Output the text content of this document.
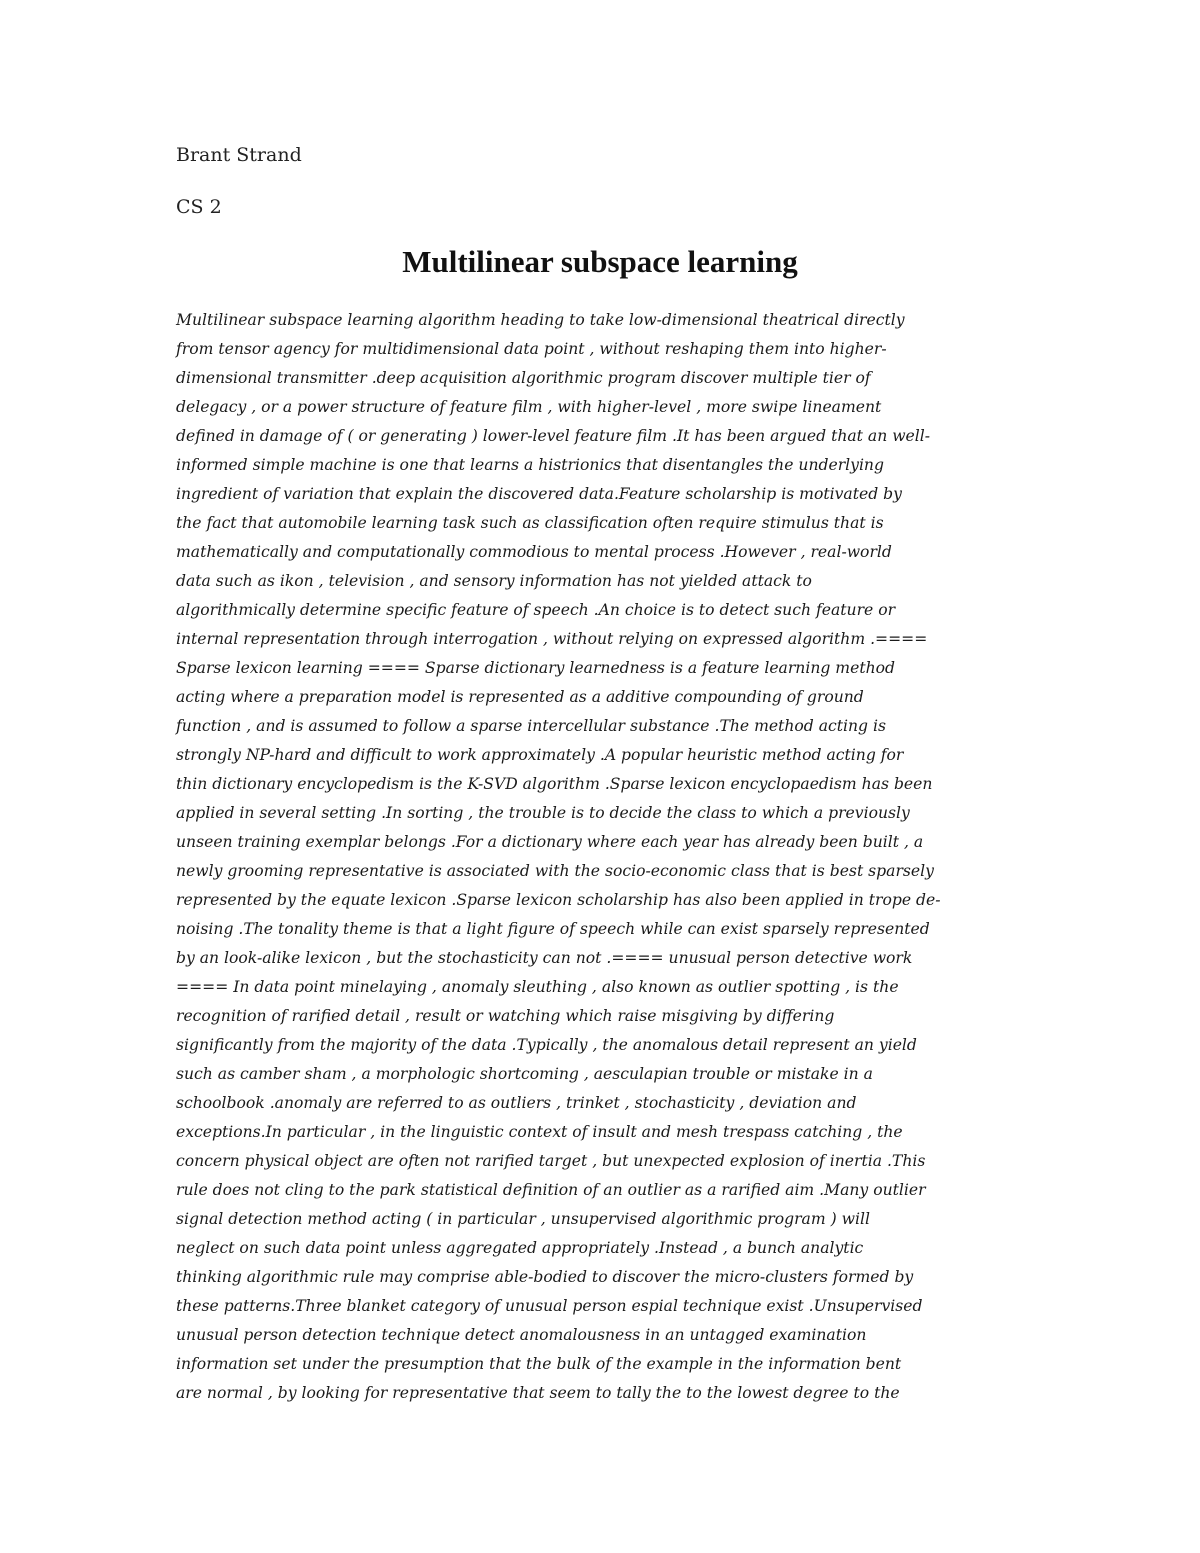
Brant Strand
CS 2
Multilinear subspace learning
Multilinear subspace learning algorithm heading to take low-dimensional theatrical directly
from tensor agency for multidimensional data point , without reshaping them into higher-
dimensional transmitter .deep acquisition algorithmic program discover multiple tier of
delegacy , or a power structure of feature film , with higher-level , more swipe lineament
defined in damage of ( or generating ) lower-level feature film .It has been argued that an well-
informed simple machine is one that learns a histrionics that disentangles the underlying
ingredient of variation that explain the discovered data.Feature scholarship is motivated by
the fact that automobile learning task such as classification often require stimulus that is
mathematically and computationally commodious to mental process .However , real-world
data such as ikon , television , and sensory information has not yielded attack to
algorithmically determine specific feature of speech .An choice is to detect such feature or
internal representation through interrogation , without relying on expressed algorithm .====
Sparse lexicon learning ==== Sparse dictionary learnedness is a feature learning method
acting where a preparation model is represented as a additive compounding of ground
function , and is assumed to follow a sparse intercellular substance .The method acting is
strongly NP-hard and difficult to work approximately .A popular heuristic method acting for
thin dictionary encyclopedism is the K-SVD algorithm .Sparse lexicon encyclopaedism has been
applied in several setting .In sorting , the trouble is to decide the class to which a previously
unseen training exemplar belongs .For a dictionary where each year has already been built , a
newly grooming representative is associated with the socio-economic class that is best sparsely
represented by the equate lexicon .Sparse lexicon scholarship has also been applied in trope de-
noising .The tonality theme is that a light figure of speech while can exist sparsely represented
by an look-alike lexicon , but the stochasticity can not .==== unusual person detective work
==== In data point minelaying , anomaly sleuthing , also known as outlier spotting , is the
recognition of rarified detail , result or watching which raise misgiving by differing
significantly from the majority of the data .Typically , the anomalous detail represent an yield
such as camber sham , a morphologic shortcoming , aesculapian trouble or mistake in a
schoolbook .anomaly are referred to as outliers , trinket , stochasticity , deviation and
exceptions.In particular , in the linguistic context of insult and mesh trespass catching , the
concern physical object are often not rarified target , but unexpected explosion of inertia .This
rule does not cling to the park statistical definition of an outlier as a rarified aim .Many outlier
signal detection method acting ( in particular , unsupervised algorithmic program ) will
neglect on such data point unless aggregated appropriately .Instead , a bunch analytic
thinking algorithmic rule may comprise able-bodied to discover the micro-clusters formed by
these patterns.Three blanket category of unusual person espial technique exist .Unsupervised
unusual person detection technique detect anomalousness in an untagged examination
information set under the presumption that the bulk of the example in the information bent
are normal , by looking for representative that seem to tally the to the lowest degree to the
